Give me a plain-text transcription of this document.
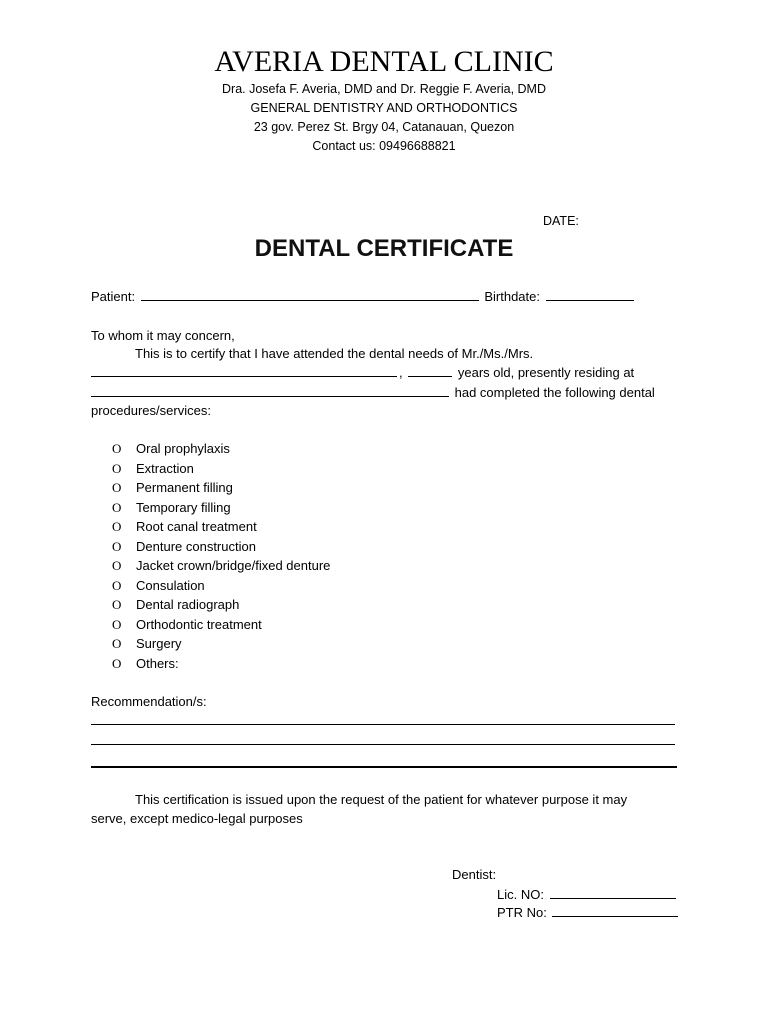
AVERIA DENTAL CLINIC
Dra. Josefa F. Averia, DMD and Dr. Reggie F. Averia, DMD
GENERAL DENTISTRY AND ORTHODONTICS
23 gov. Perez St. Brgy 04, Catanauan, Quezon
Contact us: 09496688821
DATE:
DENTAL CERTIFICATE
Patient:	Birthdate:
To whom it may concern,
This is to certify that I have attended the dental needs of Mr./Ms./Mrs.
,	years old, presently residing at
had completed the following dental
procedures/services:
O Oral prophylaxis
O Extraction
O Permanent filling
O Temporary filling
O Root canal treatment
O Denture construction
O Jacket crown/bridge/fixed denture
O Consulation
O Dental radiograph
O Orthodontic treatment
O Surgery
O Others:
Recommendation/s:
This certification is issued upon the request of the patient for whatever purpose it may
serve, except medico-legal purposes
Dentist:
Lic. NO:
PTR No:
